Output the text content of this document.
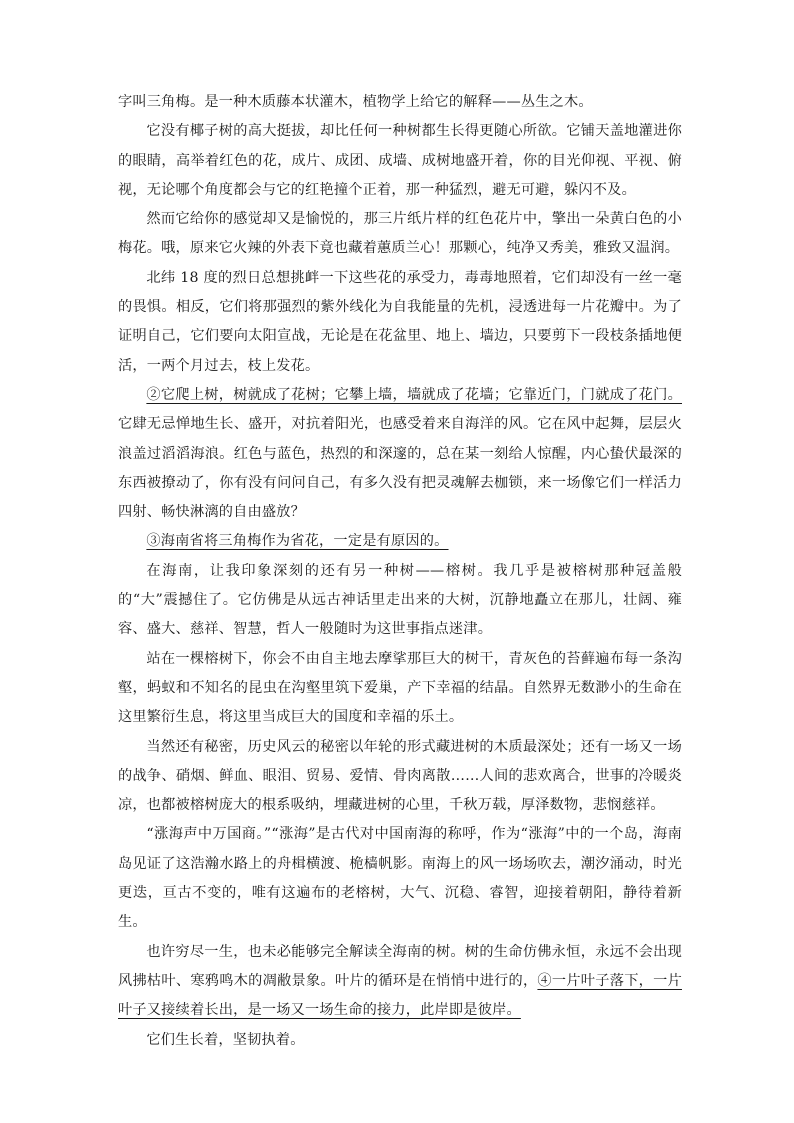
字叫三角梅。是一种木质藤本状灌木，植物学上给它的解释——丛生之木。

它没有椰子树的高大挺拔，却比任何一种树都生长得更随心所欲。它铺天盖地灌进你的眼睛，高举着红色的花，成片、成团、成墙、成树地盛开着，你的目光仰视、平视、俯视，无论哪个角度都会与它的红艳撞个正着，那一种猛烈，避无可避，躲闪不及。

然而它给你的感觉却又是愉悦的，那三片纸片样的红色花片中，擎出一朵黄白色的小梅花。哦，原来它火辣的外表下竟也藏着蕙质兰心！那颗心，纯净又秀美，雅致又温润。

北纬 18 度的烈日总想挑衅一下这些花的承受力，毒毒地照着，它们却没有一丝一毫的畏惧。相反，它们将那强烈的紫外线化为自我能量的先机，浸透进每一片花瓣中。为了证明自己，它们要向太阳宣战，无论是在花盆里、地上、墙边，只要剪下一段枝条插地便活，一两个月过去，枝上发花。

②它爬上树，树就成了花树；它攀上墙，墙就成了花墙；它靠近门，门就成了花门。它肆无忌惮地生长、盛开，对抗着阳光，也感受着来自海洋的风。它在风中起舞，层层火浪盖过滔滔海浪。红色与蓝色，热烈的和深邃的，总在某一刻给人惊醒，内心蛰伏最深的东西被撩动了，你有没有问问自己，有多久没有把灵魂解去枷锁，来一场像它们一样活力四射、畅快淋漓的自由盛放？

③海南省将三角梅作为省花，一定是有原因的。

在海南，让我印象深刻的还有另一种树——榕树。我几乎是被榕树那种冠盖般的“大”震撼住了。它仿佛是从远古神话里走出来的大树，沉静地矗立在那儿，壮阔、雍容、盛大、慈祥、智慧，哲人一般随时为这世事指点迷津。

站在一棵榕树下，你会不由自主地去摩挲那巨大的树干，青灰色的苔藓遍布每一条沟壑，蚂蚁和不知名的昆虫在沟壑里筑下爱巢，产下幸福的结晶。自然界无数渺小的生命在这里繁衍生息，将这里当成巨大的国度和幸福的乐土。

当然还有秘密，历史风云的秘密以年轮的形式藏进树的木质最深处；还有一场又一场的战争、硝烟、鲜血、眼泪、贸易、爱情、骨肉离散……人间的悲欢离合，世事的冷暖炎凉，也都被榕树庞大的根系吸纳，埋藏进树的心里，千秋万载，厚泽数物，悲悯慈祥。

“涨海声中万国商。”“涨海”是古代对中国南海的称呼，作为“涨海”中的一个岛，海南岛见证了这浩瀚水路上的舟楫横渡、桅樯帆影。南海上的风一场场吹去，潮汐涌动，时光更迭，亘古不变的，唯有这遍布的老榕树，大气、沉稳、睿智，迎接着朝阳，静待着新生。

也许穷尽一生，也未必能够完全解读全海南的树。树的生命仿佛永恒，永远不会出现风拂枯叶、寒鸦鸣木的凋敝景象。叶片的循环是在悄悄中进行的，④一片叶子落下，一片叶子又接续着长出，是一场又一场生命的接力，此岸即是彼岸。

它们生长着，坚韧执着。
